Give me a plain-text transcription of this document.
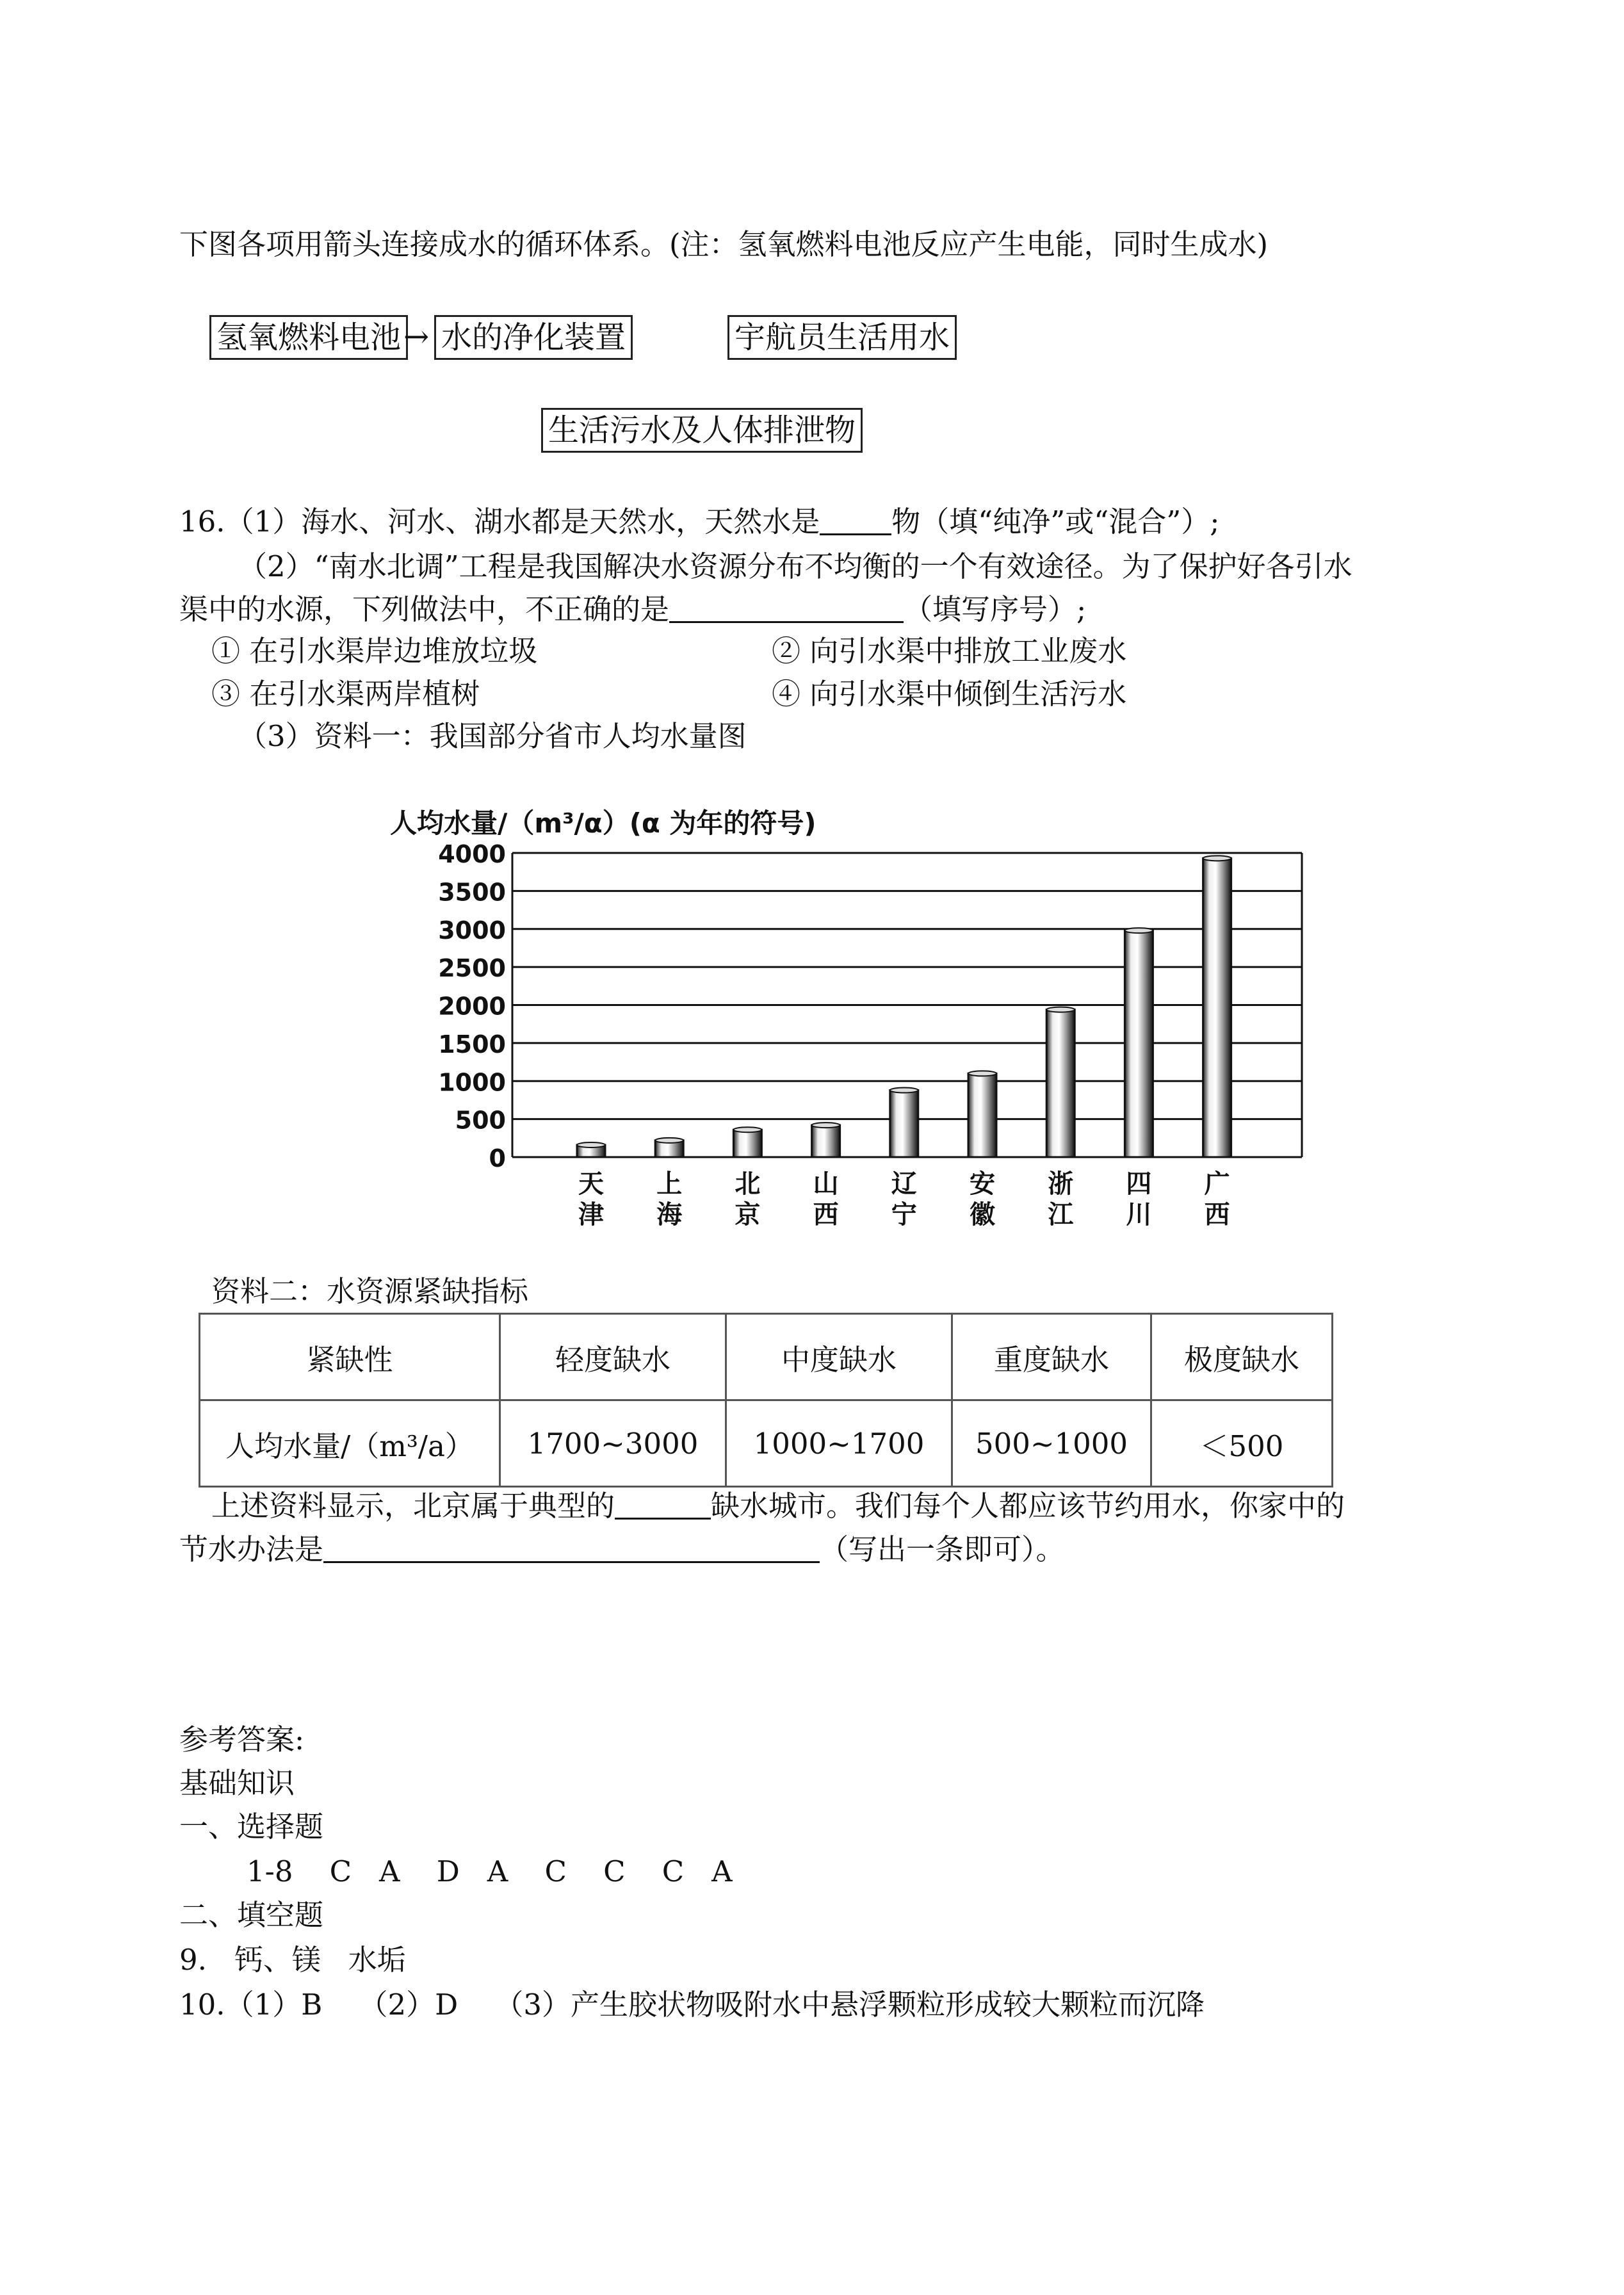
下图各项用箭头连接成水的循环体系。(注：氢氧燃料电池反应产生电能，同时生成水)
氢氧燃料电池 → 水的净化装置	宇航员生活用水
生活污水及人体排泄物
16.（1）海水、河水、湖水都是天然水，天然水是 物（填“纯净”或“混合”）;
（2）“南水北调”工程是我国解决水资源分布不均衡的一个有效途径。为了保护好各引水
渠中的水源，下列做法中，不正确的是	（填写序号）;
① 在引水渠岸边堆放垃圾	② 向引水渠中排放工业废水
③ 在引水渠两岸植树	④ 向引水渠中倾倒生活污水
（3）资料一：我国部分省市人均水量图
人均水量/（m³/α）(α 为年的符号)
0
500
1000
1500
2000
2500
3000
3500
4000
天津
上海
北京
山西
辽宁
安徽
浙江
四川
广西
资料二：水资源紧缺指标
紧缺性	轻度缺水	中度缺水	重度缺水	极度缺水
人均水量/（m³/a）	1700~3000	1000~1700	500~1000	＜500
上述资料显示，北京属于典型的	缺水城市。我们每个人都应该节约用水，你家中的
节水办法是	（写出一条即可）。
参考答案:
基础知识
一、选择题
1-8    C   A    D   A    C    C    C   A
二、填空题
9.   钙、镁   水垢
10.（1）B    （2）D    （3）产生胶状物吸附水中悬浮颗粒形成较大颗粒而沉降
